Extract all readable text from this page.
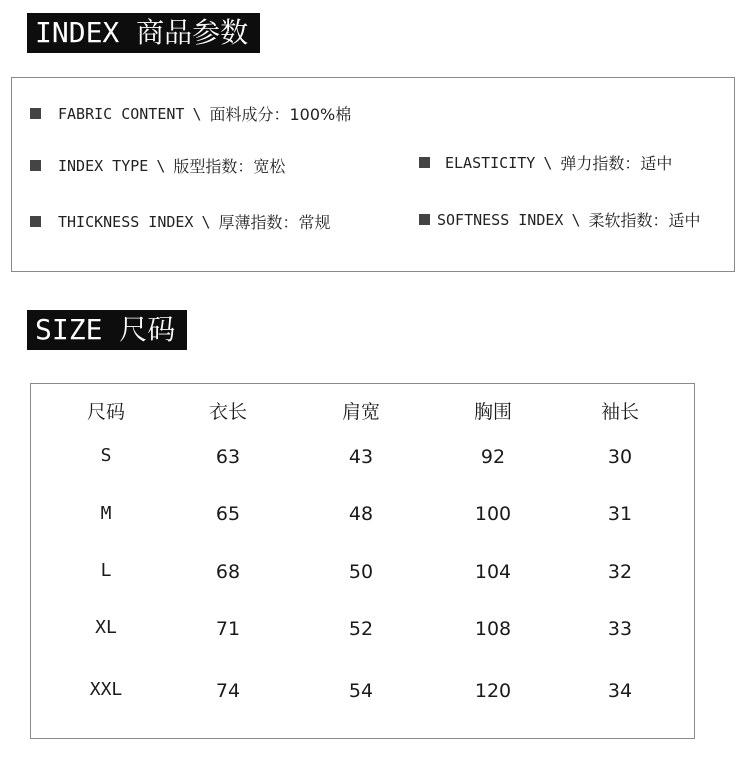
INDEX 商品参数
FABRIC CONTENT \ 面料成分：100%棉
INDEX TYPE \ 版型指数：宽松	ELASTICITY \ 弹力指数：适中
THICKNESS INDEX \ 厚薄指数：常规	SOFTNESS INDEX \ 柔软指数：适中
SIZE 尺码
尺码	衣长	肩宽	胸围	袖长
S	63	43	92	30
M	65	48	100	31
L	68	50	104	32
XL	71	52	108	33
XXL	74	54	120	34
